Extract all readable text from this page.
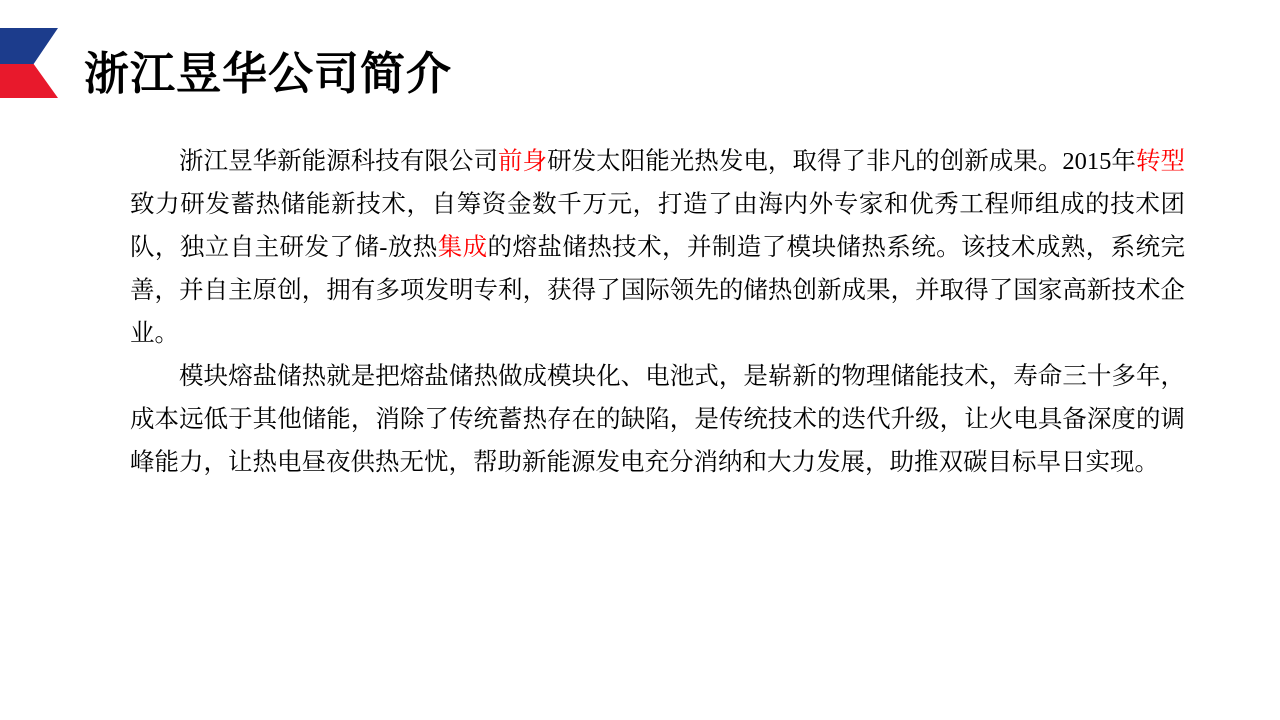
浙江昱华公司简介

浙江昱华新能源科技有限公司前身研发太阳能光热发电，取得了非凡的创新成果。2015年转型致力研发蓄热储能新技术，自筹资金数千万元，打造了由海内外专家和优秀工程师组成的技术团队，独立自主研发了储-放热集成的熔盐储热技术，并制造了模块储热系统。该技术成熟，系统完善，并自主原创，拥有多项发明专利，获得了国际领先的储热创新成果，并取得了国家高新技术企业。

模块熔盐储热就是把熔盐储热做成模块化、电池式，是崭新的物理储能技术，寿命三十多年，成本远低于其他储能，消除了传统蓄热存在的缺陷，是传统技术的迭代升级，让火电具备深度的调峰能力，让热电昼夜供热无忧，帮助新能源发电充分消纳和大力发展，助推双碳目标早日实现。
